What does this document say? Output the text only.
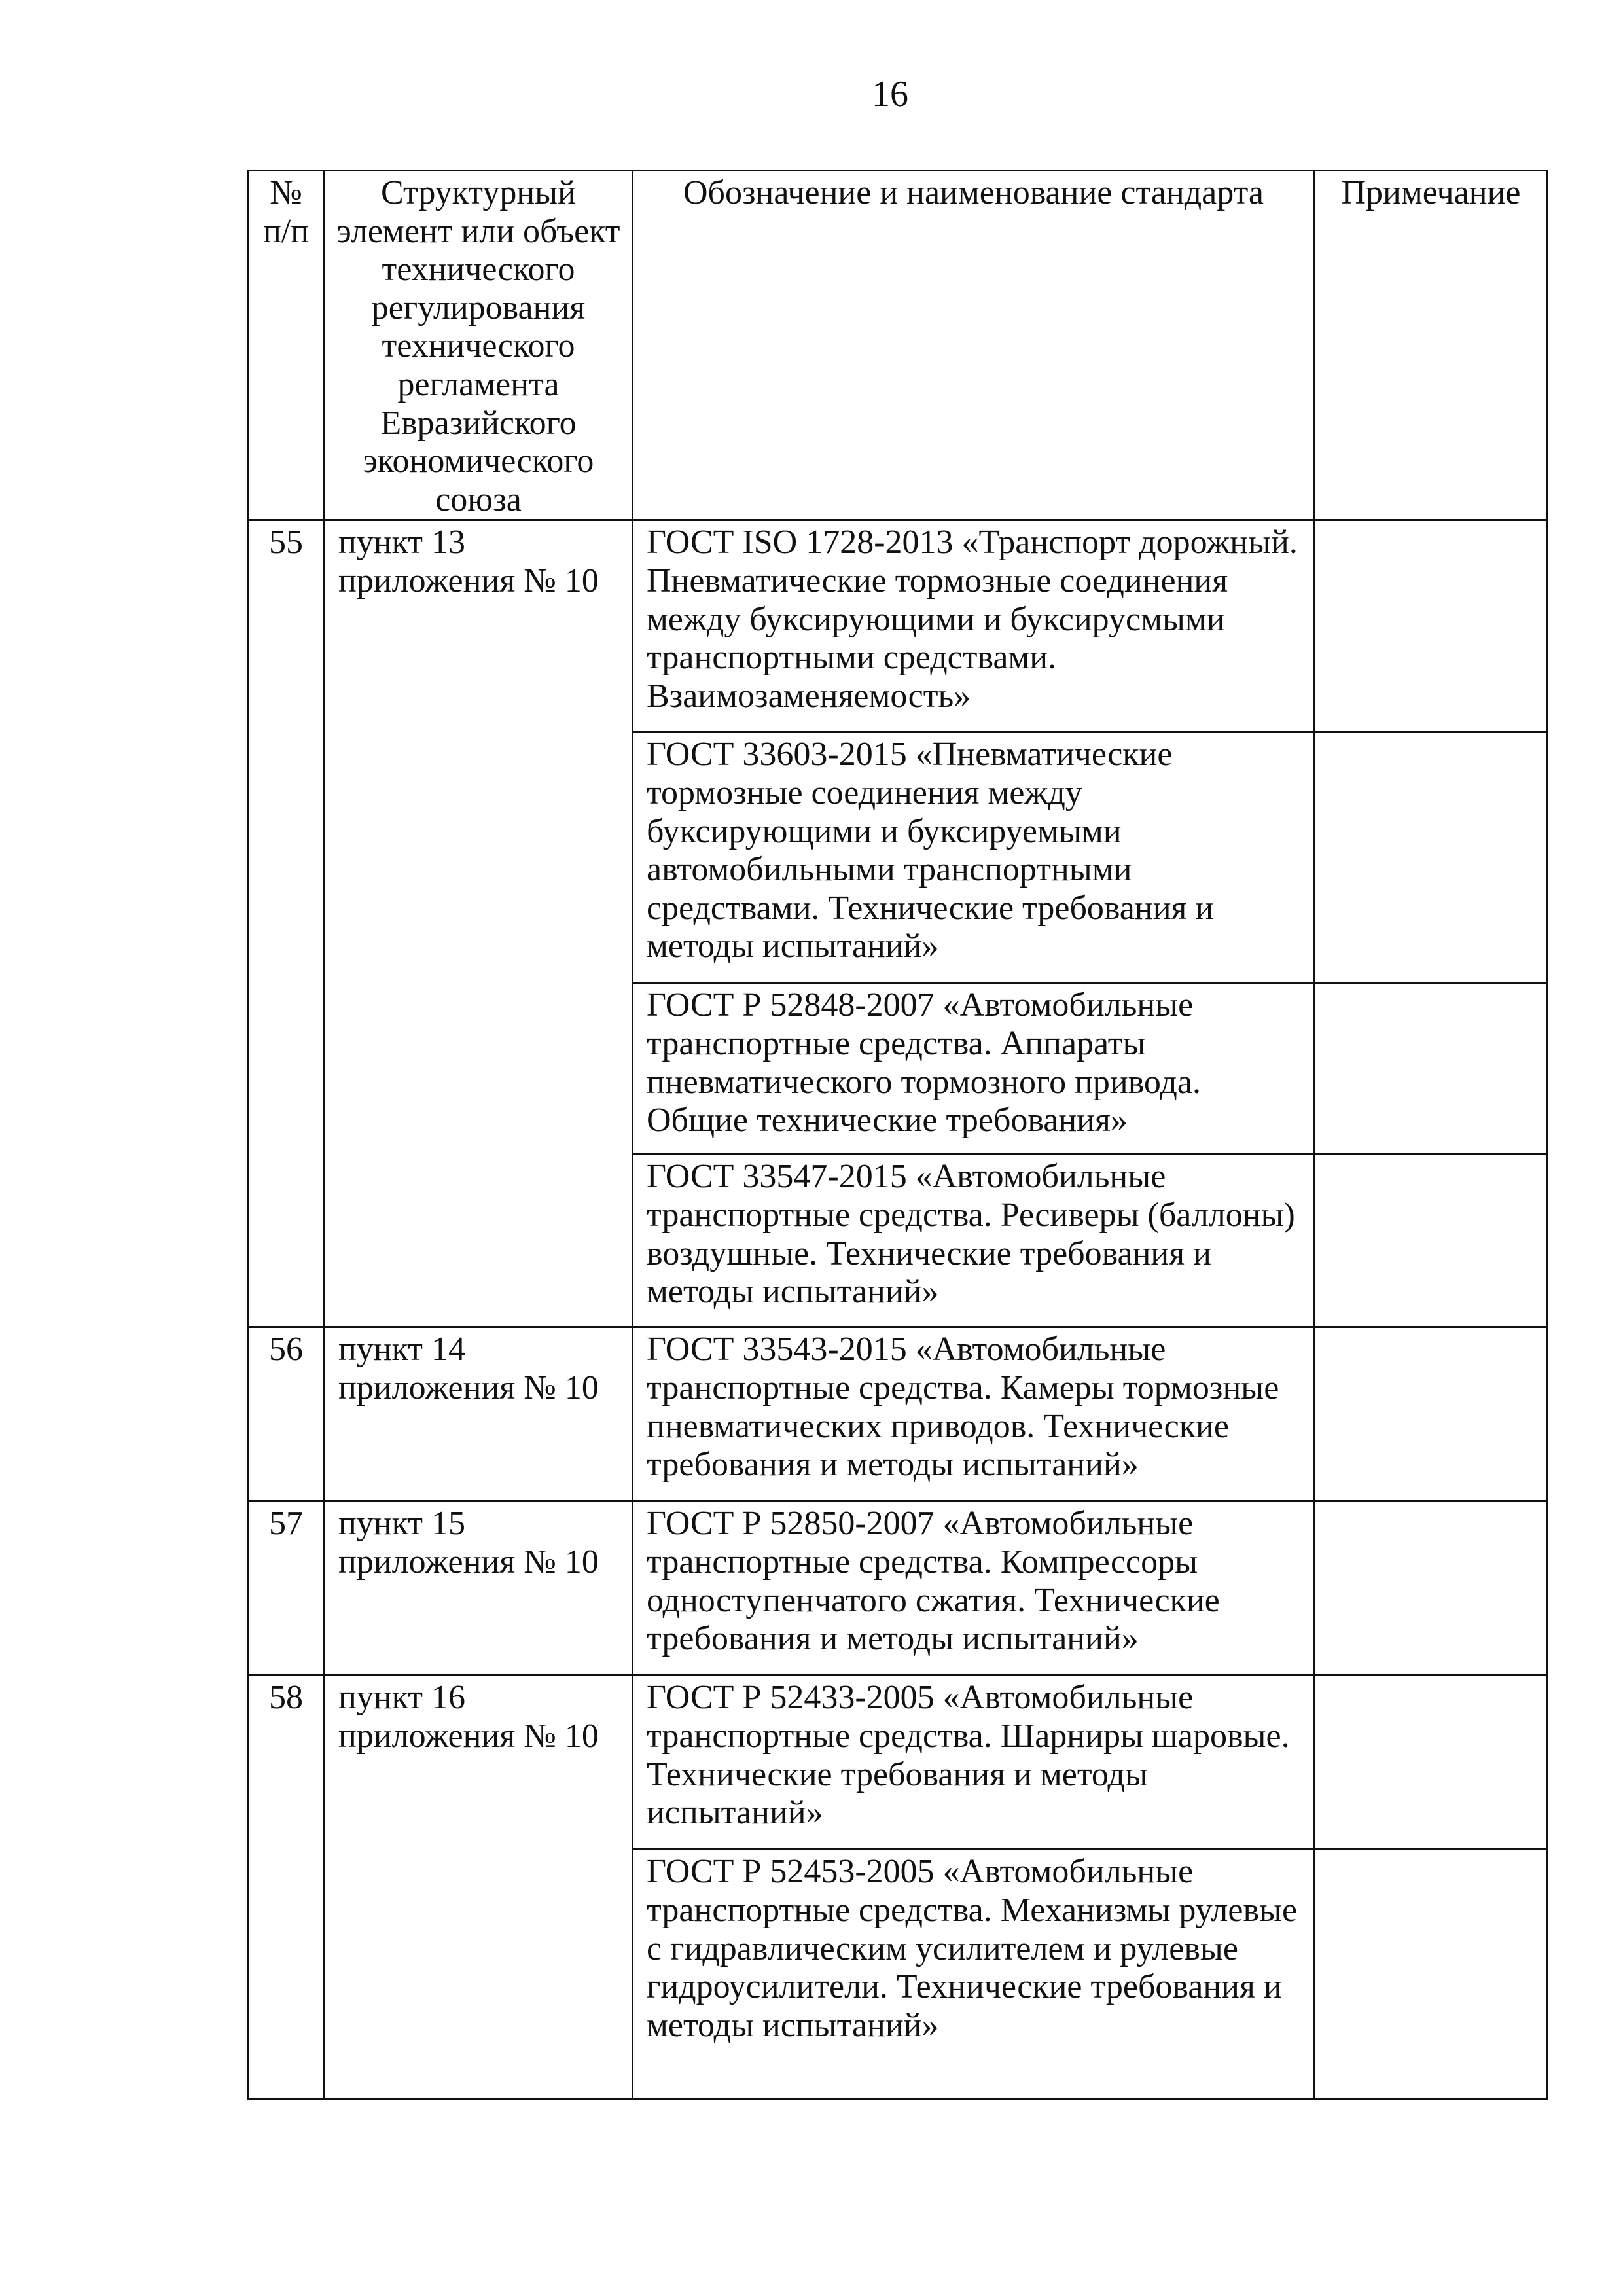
16
№ п/п	Структурный элемент или объект технического регулирования технического регламента Евразийского экономического союза	Обозначение и наименование стандарта	Примечание
55	пункт 13 приложения № 10	ГОСТ ISO 1728-2013 «Транспорт дорожный. Пневматические тормозные соединения между буксирующими и буксирусмыми транспортными средствами. Взаимозаменяемость»	
		ГОСТ 33603-2015 «Пневматические тормозные соединения между буксирующими и буксируемыми автомобильными транспортными средствами. Технические требования и методы испытаний»	
		ГОСТ Р 52848-2007 «Автомобильные транспортные средства. Аппараты пневматического тормозного привода. Общие технические требования»	
		ГОСТ 33547-2015 «Автомобильные транспортные средства. Ресиверы (баллоны) воздушные. Технические требования и методы испытаний»	
56	пункт 14 приложения № 10	ГОСТ 33543-2015 «Автомобильные транспортные средства. Камеры тормозные пневматических приводов. Технические требования и методы испытаний»	
57	пункт 15 приложения № 10	ГОСТ Р 52850-2007 «Автомобильные транспортные средства. Компрессоры одноступенчатого сжатия. Технические требования и методы испытаний»	
58	пункт 16 приложения № 10	ГОСТ Р 52433-2005 «Автомобильные транспортные средства. Шарниры шаровые. Технические требования и методы испытаний»	
		ГОСТ Р 52453-2005 «Автомобильные транспортные средства. Механизмы рулевые с гидравлическим усилителем и рулевые гидроусилители. Технические требования и методы испытаний»	
